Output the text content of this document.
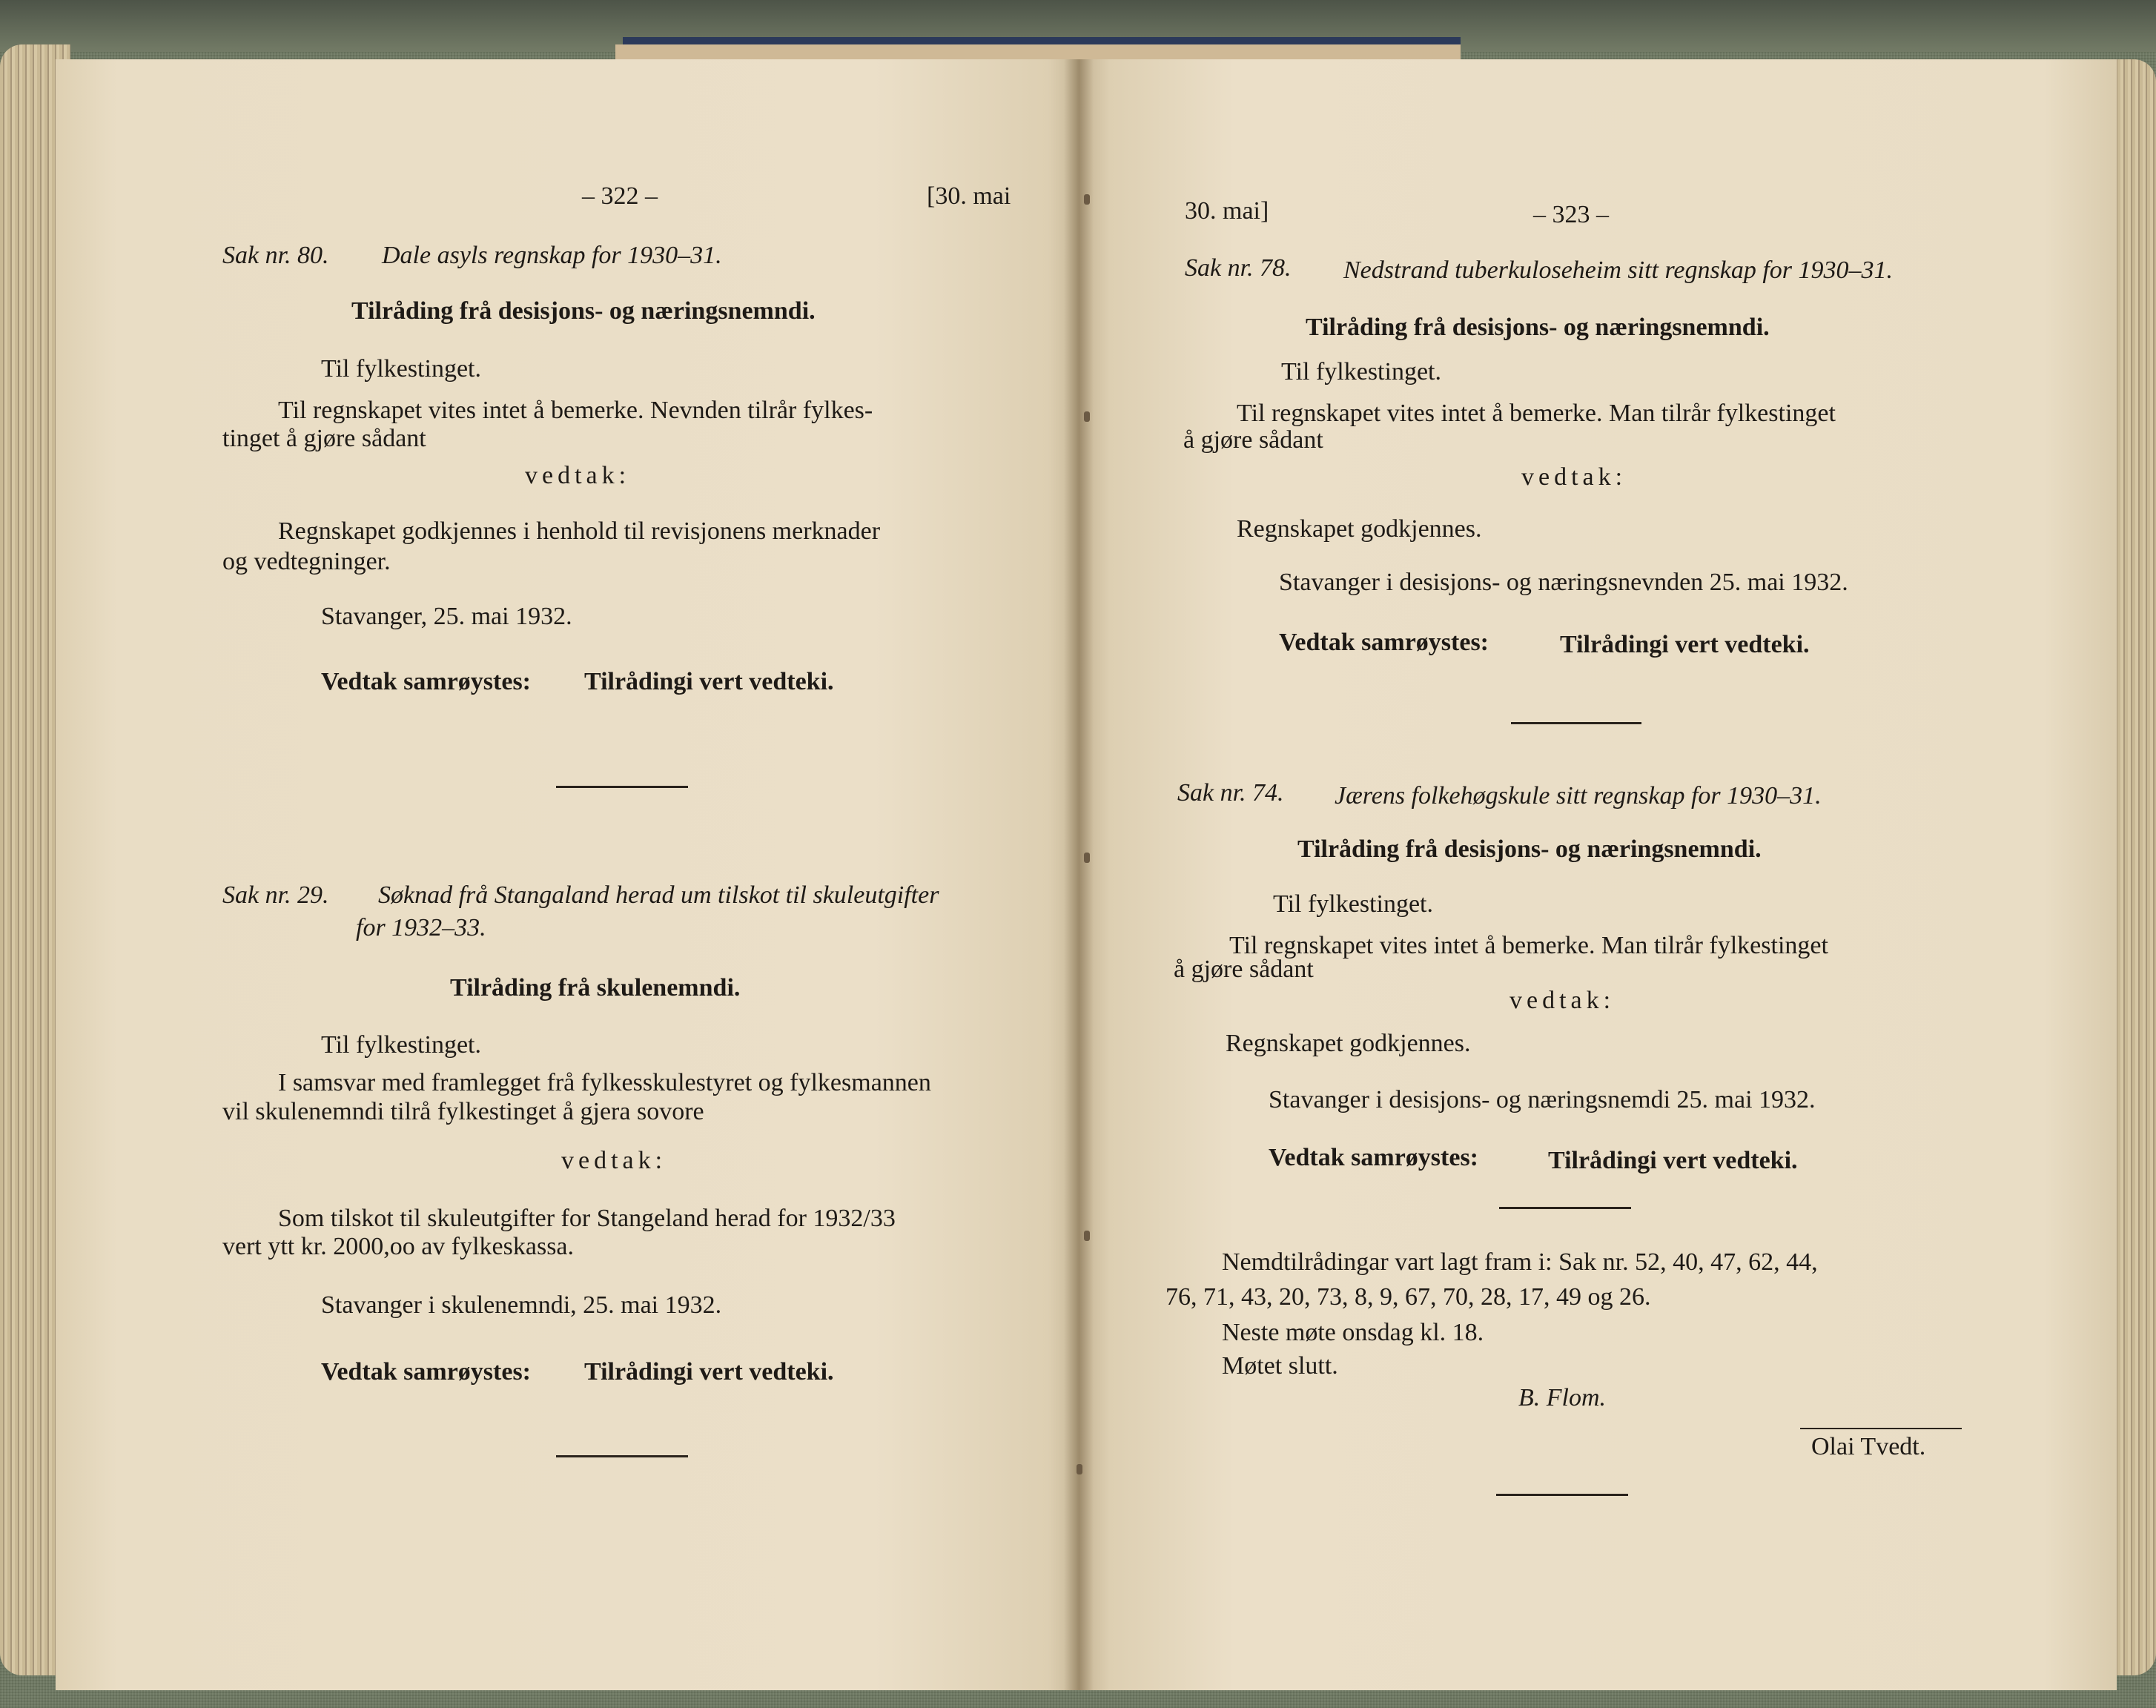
– 322 –	[30. mai
Sak nr. 80. Dale asyls regnskap for 1930–31.
Tilråding frå desisjons- og næringsnemndi.
Til fylkestinget.
Til regnskapet vites intet å bemerke. Nevnden tilrår fylkes-
tinget å gjøre sådant
vedtak:
Regnskapet godkjennes i henhold til revisjonens merknader
og vedtegninger.
Stavanger, 25. mai 1932.
Vedtak samrøystes: Tilrådingi vert vedteki.
Sak nr. 29. Søknad frå Stangaland herad um tilskot til skuleutgifter
for 1932–33.
Tilråding frå skulenemndi.
Til fylkestinget.
I samsvar med framlegget frå fylkesskulestyret og fylkesmannen
vil skulenemndi tilrå fylkestinget å gjera sovore
vedtak:
Som tilskot til skuleutgifter for Stangeland herad for 1932/33
vert ytt kr. 2000,oo av fylkeskassa.
Stavanger i skulenemndi, 25. mai 1932.
Vedtak samrøystes: Tilrådingi vert vedteki.
30. mai]	– 323 –
Sak nr. 78. Nedstrand tuberkuloseheim sitt regnskap for 1930–31.
Tilråding frå desisjons- og næringsnemndi.
Til fylkestinget.
Til regnskapet vites intet å bemerke. Man tilrår fylkestinget
å gjøre sådant
vedtak:
Regnskapet godkjennes.
Stavanger i desisjons- og næringsnevnden 25. mai 1932.
Vedtak samrøystes:	Tilrådingi vert vedteki.
Sak nr. 74. Jærens folkehøgskule sitt regnskap for 1930–31.
Tilråding frå desisjons- og næringsnemndi.
Til fylkestinget.
Til regnskapet vites intet å bemerke. Man tilrår fylkestinget
å gjøre sådant
vedtak:
Regnskapet godkjennes.
Stavanger i desisjons- og næringsnemdi 25. mai 1932.
Vedtak samrøystes:	Tilrådingi vert vedteki.
Nemdtilrådingar vart lagt fram i: Sak nr. 52, 40, 47, 62, 44,
76, 71, 43, 20, 73, 8, 9, 67, 70, 28, 17, 49 og 26.
Neste møte onsdag kl. 18.
Møtet slutt.
B. Flom.
Olai Tvedt.
